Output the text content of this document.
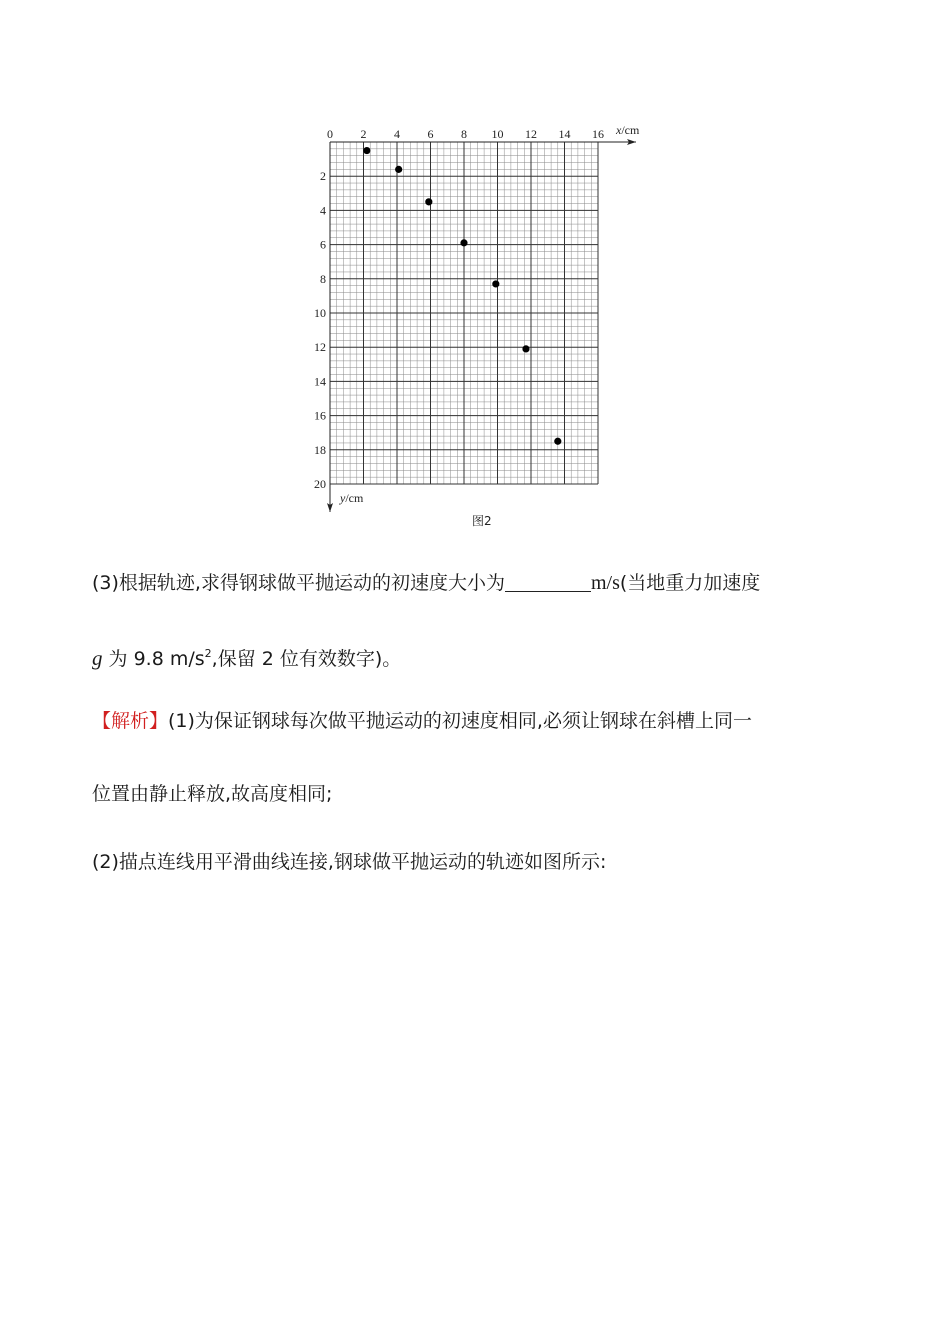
0 2 4 6 8 10 12 14 16
2
4
6
8
10
12
14
16
18
20
x/cm
y/cm
图2
(3)根据轨迹,求得钢球做平抛运动的初速度大小为	m/s(当地重力加速度
g 为 9.8 $m/s^2$,保留 2 位有效数字)。
【解析】(1)为保证钢球每次做平抛运动的初速度相同,必须让钢球在斜槽上同一
位置由静止释放,故高度相同;
(2)描点连线用平滑曲线连接,钢球做平抛运动的轨迹如图所示:
